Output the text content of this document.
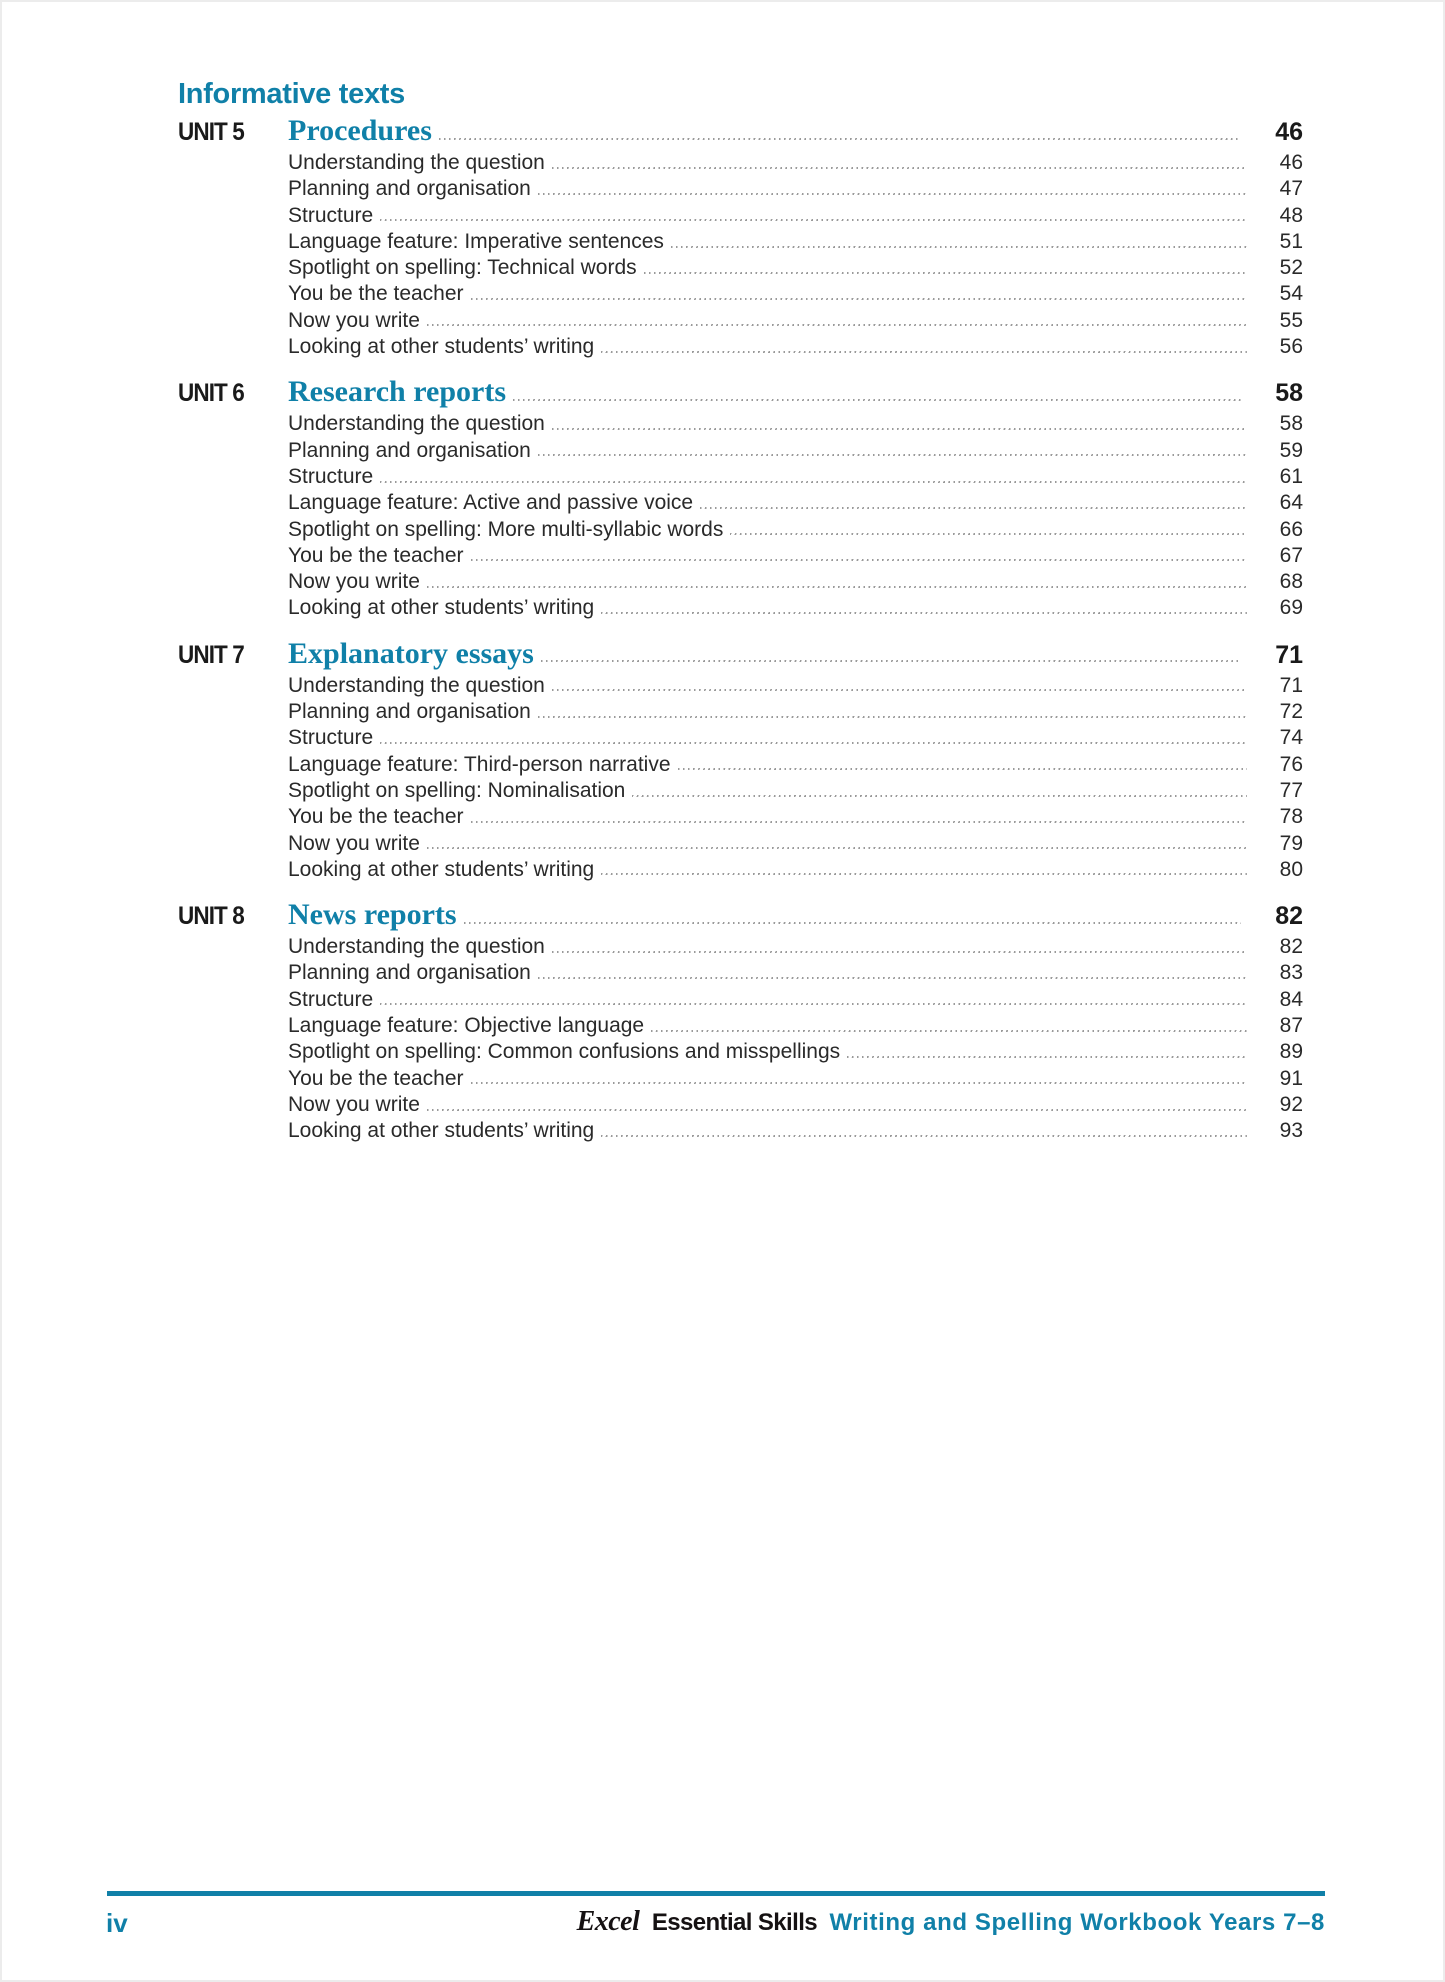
Informative texts
UNIT 5	Procedures	46
Understanding the question	46
Planning and organisation	47
Structure	48
Language feature: Imperative sentences	51
Spotlight on spelling: Technical words	52
You be the teacher	54
Now you write	55
Looking at other students’ writing	56
UNIT 6	Research reports	58
Understanding the question	58
Planning and organisation	59
Structure	61
Language feature: Active and passive voice	64
Spotlight on spelling: More multi-syllabic words	66
You be the teacher	67
Now you write	68
Looking at other students’ writing	69
UNIT 7	Explanatory essays	71
Understanding the question	71
Planning and organisation	72
Structure	74
Language feature: Third-person narrative	76
Spotlight on spelling: Nominalisation	77
You be the teacher	78
Now you write	79
Looking at other students’ writing	80
UNIT 8	News reports	82
Understanding the question	82
Planning and organisation	83
Structure	84
Language feature: Objective language	87
Spotlight on spelling: Common confusions and misspellings	89
You be the teacher	91
Now you write	92
Looking at other students’ writing	93
iv	Excel Essential Skills Writing and Spelling Workbook Years 7–8
